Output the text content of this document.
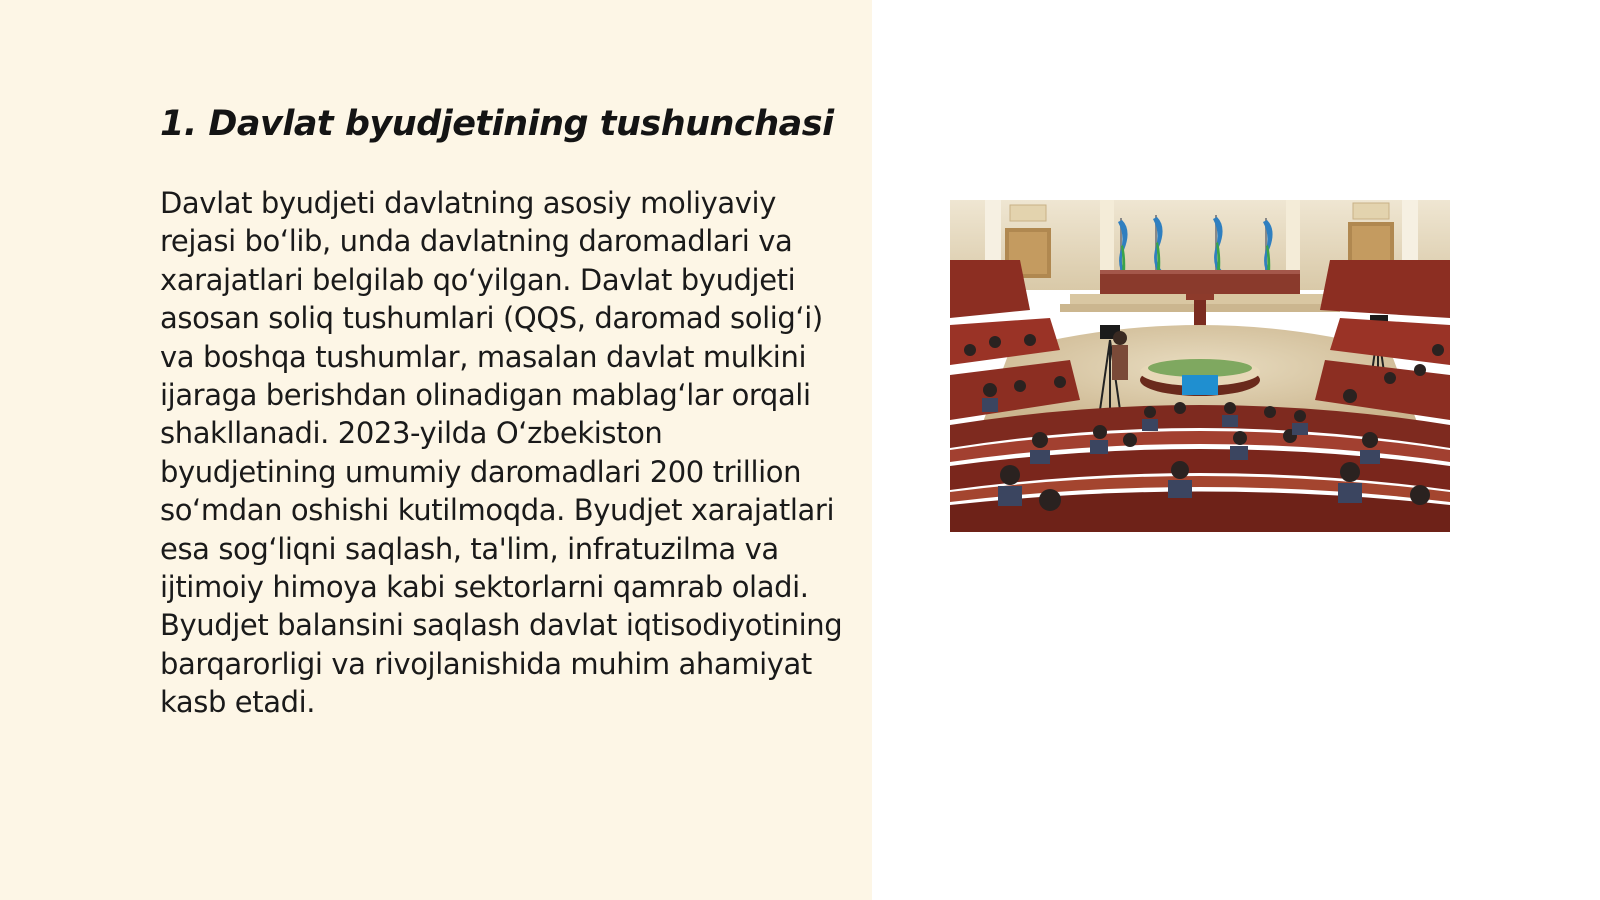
1. Davlat byudjetining tushunchasi

Davlat byudjeti davlatning asosiy moliyaviy rejasi bo‘lib, unda davlatning daromadlari va xarajatlari belgilab qo‘yilgan. Davlat byudjeti asosan soliq tushumlari (QQS, daromad solig‘i) va boshqa tushumlar, masalan davlat mulkini ijaraga berishdan olinadigan mablag‘lar orqali shakllanadi. 2023-yilda O‘zbekiston byudjetining umumiy daromadlari 200 trillion so‘mdan oshishi kutilmoqda. Byudjet xarajatlari esa sog‘liqni saqlash, ta'lim, infratuzilma va ijtimoiy himoya kabi sektorlarni qamrab oladi. Byudjet balansini saqlash davlat iqtisodiyotining barqarorligi va rivojlanishida muhim ahamiyat kasb etadi.
